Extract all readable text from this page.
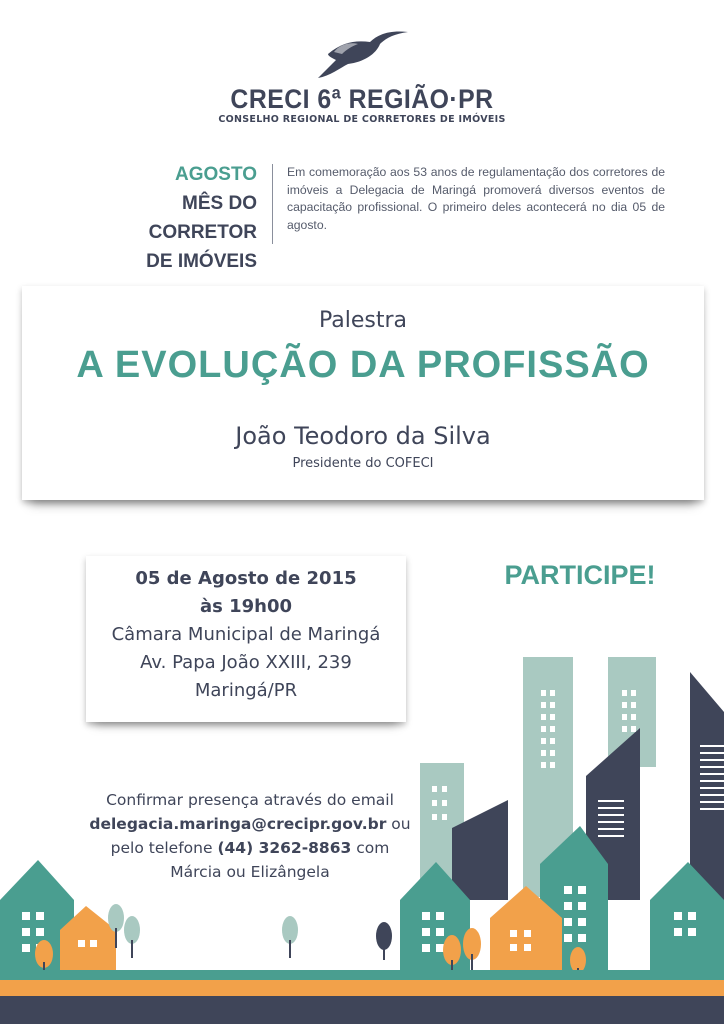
CRECI 6ª REGIÃO·PR
CONSELHO REGIONAL DE CORRETORES DE IMÓVEIS
AGOSTO
MÊS DO CORRETOR
DE IMÓVEIS
Em comemoração aos 53 anos de regulamentação dos corretores de imóveis a Delegacia de Maringá promoverá diversos eventos de capacitação profissional. O primeiro deles acontecerá no dia 05 de agosto.
Palestra
A EVOLUÇÃO DA PROFISSÃO
João Teodoro da Silva
Presidente do COFECI
05 de Agosto de 2015
às 19h00
Câmara Municipal de Maringá
Av. Papa João XXIII, 239
Maringá/PR
PARTICIPE!
Confirmar presença através do email
delegacia.maringa@crecipr.gov.br ou
pelo telefone (44) 3262-8863 com
Márcia ou Elizângela
